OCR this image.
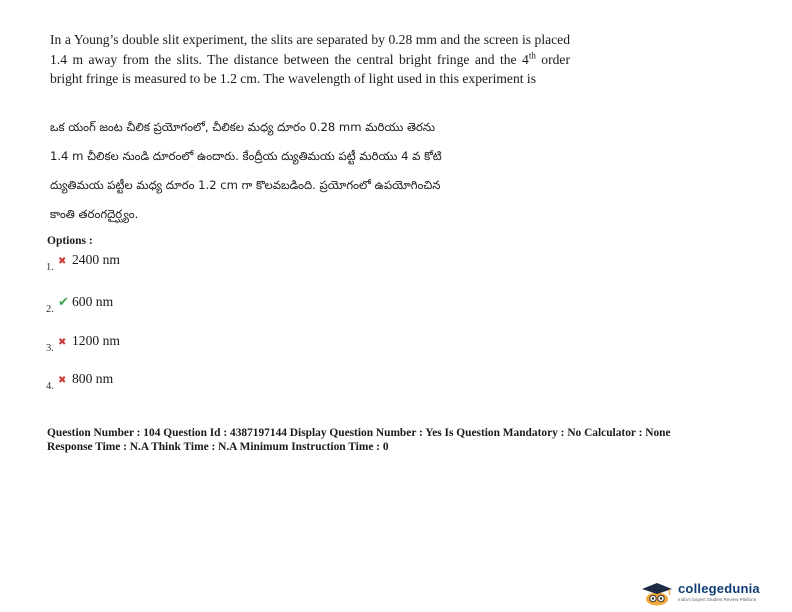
In a Young’s double slit experiment, the slits are separated by 0.28 mm and the screen is placed 1.4 m away from the slits. The distance between the central bright fringe and the 4th order bright fringe is measured to be 1.2 cm. The wavelength of light used in this experiment is
ఒక యంగ్ జంట చీలిక ప్రయోగంలో, చీలికల మధ్య దూరం 0.28 mm మరియు తెరను
1.4 m చీలికల నుండి దూరంలో ఉందారు. కేంద్రీయ ద్యుతిమయ పట్టీ మరియు 4 వ కోటి
ద్యుతిమయ పట్టీల మధ్య దూరం 1.2 cm గా కొలవబడింది. ప్రయోగంలో ఉపయోగించిన
కాంతి తరంగదైర్ఘ్యం.
Options :
1.✖ 2400 nm
2. ✔ 600 nm
3.✖ 1200 nm
4.✖ 800 nm
Question Number : 104 Question Id : 4387197144 Display Question Number : Yes Is Question Mandatory : No Calculator : None
Response Time : N.A Think Time : N.A Minimum Instruction Time : 0
collegedunia
India's largest Student Review Platform
